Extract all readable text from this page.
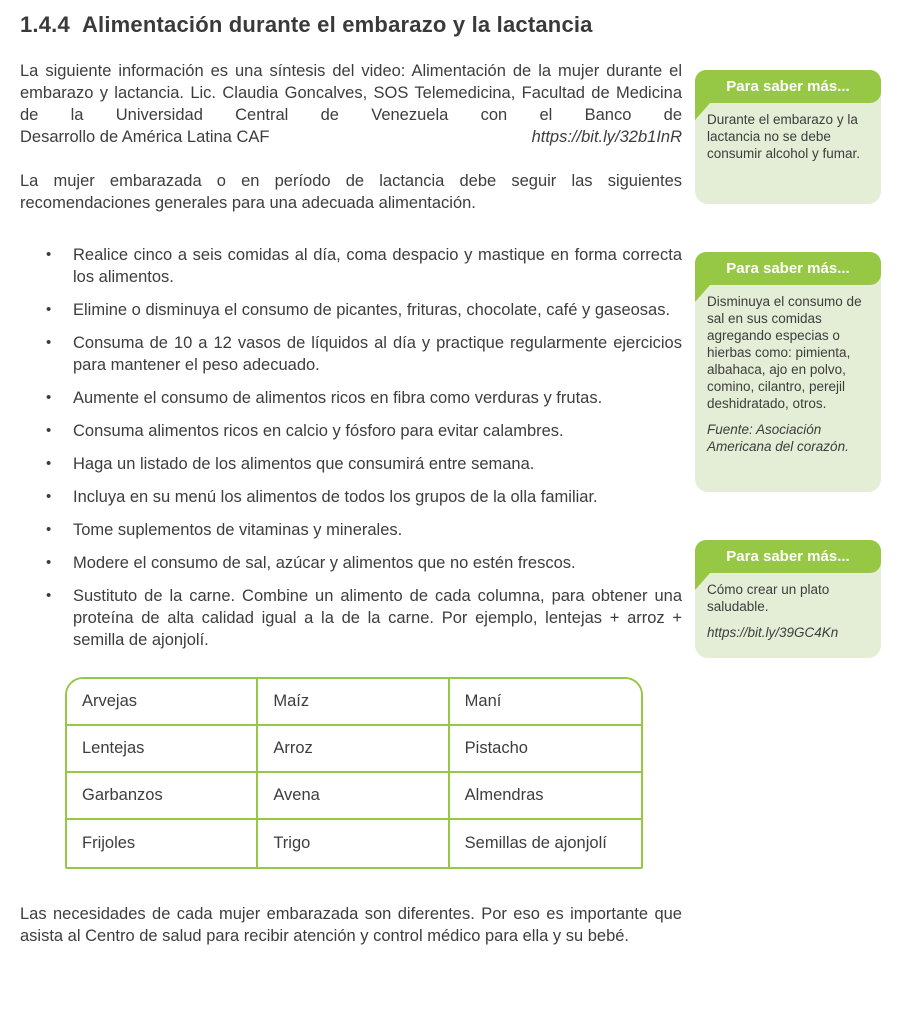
1.4.4 Alimentación durante el embarazo y la lactancia

La siguiente información es una síntesis del video: Alimentación de la mujer durante el embarazo y lactancia. Lic. Claudia Goncalves, SOS Telemedicina, Facultad de Medicina de la Universidad Central de Venezuela con el Banco de

Desarrollo de América Latina CAF	https://bit.ly/32b1InR

La mujer embarazada o en período de lactancia debe seguir las siguientes recomendaciones generales para una adecuada alimentación.

• Realice cinco a seis comidas al día, coma despacio y mastique en forma correcta los alimentos.
• Elimine o disminuya el consumo de picantes, frituras, chocolate, café y gaseosas.
• Consuma de 10 a 12 vasos de líquidos al día y practique regularmente ejercicios para mantener el peso adecuado.
• Aumente el consumo de alimentos ricos en fibra como verduras y frutas.
• Consuma alimentos ricos en calcio y fósforo para evitar calambres.
• Haga un listado de los alimentos que consumirá entre semana.
• Incluya en su menú los alimentos de todos los grupos de la olla familiar.
• Tome suplementos de vitaminas y minerales.
• Modere el consumo de sal, azúcar y alimentos que no estén frescos.
• Sustituto de la carne. Combine un alimento de cada columna, para obtener una proteína de alta calidad igual a la de la carne. Por ejemplo, lentejas + arroz + semilla de ajonjolí.
Arvejas	Maíz	Maní
Lentejas	Arroz	Pistacho
Garbanzos	Avena	Almendras
Frijoles	Trigo	Semillas de ajonjolí

Las necesidades de cada mujer embarazada son diferentes. Por eso es importante que asista al Centro de salud para recibir atención y control médico para ella y su bebé.

Para saber más...

Durante el embarazo y la lactancia no se debe consumir alcohol y fumar.

Para saber más...

Disminuya el consumo de sal en sus comidas agregando especias o hierbas como: pimienta, albahaca, ajo en polvo, comino, cilantro, perejil deshidratado, otros.

Fuente: Asociación Americana del corazón.

Para saber más...

Cómo crear un plato saludable.

https://bit.ly/39GC4Kn
